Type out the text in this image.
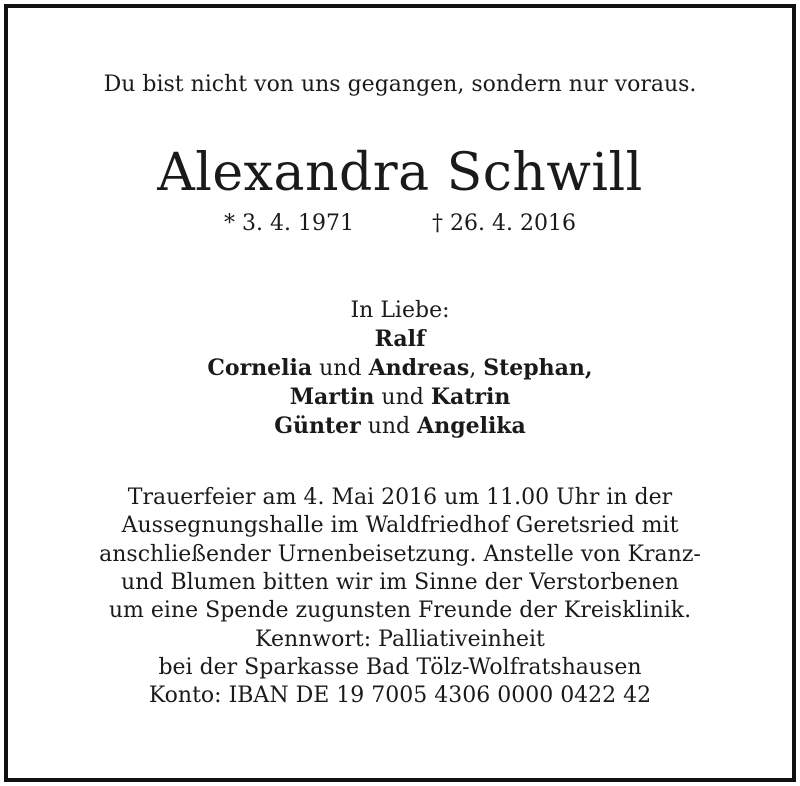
Du bist nicht von uns gegangen, sondern nur voraus.
Alexandra Schwill
* 3. 4. 1971	† 26. 4. 2016
In Liebe:
Ralf
Cornelia und Andreas, Stephan,
Martin und Katrin
Günter und Angelika
Trauerfeier am 4. Mai 2016 um 11.00 Uhr in der
Aussegnungshalle im Waldfriedhof Geretsried mit
anschließender Urnenbeisetzung. Anstelle von Kranz-
und Blumen bitten wir im Sinne der Verstorbenen
um eine Spende zugunsten Freunde der Kreisklinik.
Kennwort: Palliativeinheit
bei der Sparkasse Bad Tölz-Wolfratshausen
Konto: IBAN DE 19 7005 4306 0000 0422 42
